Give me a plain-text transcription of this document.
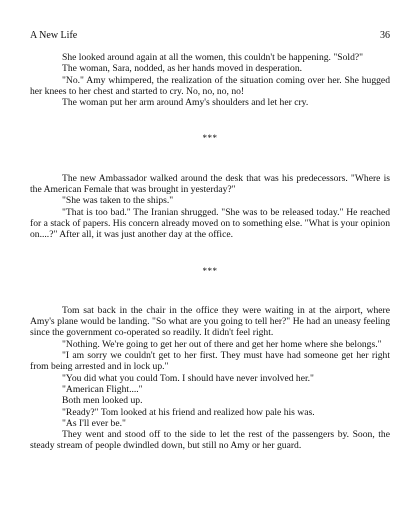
A New Life	36

She looked around again at all the women, this couldn't be happening. "Sold?"

The woman, Sara, nodded, as her hands moved in desperation.

"No." Amy whimpered, the realization of the situation coming over her. She hugged her knees to her chest and started to cry. No, no, no, no!

The woman put her arm around Amy's shoulders and let her cry.

***

The new Ambassador walked around the desk that was his predecessors. "Where is the American Female that was brought in yesterday?"

"She was taken to the ships."

"That is too bad." The Iranian shrugged. "She was to be released today." He reached for a stack of papers. His concern already moved on to something else. "What is your opinion on....?" After all, it was just another day at the office.

***

Tom sat back in the chair in the office they were waiting in at the airport, where Amy's plane would be landing. "So what are you going to tell her?" He had an uneasy feeling since the government co-operated so readily. It didn't feel right.

"Nothing. We're going to get her out of there and get her home where she belongs."

"I am sorry we couldn't get to her first. They must have had someone get her right from being arrested and in lock up."

"You did what you could Tom. I should have never involved her."

"American Flight...."

Both men looked up.

"Ready?" Tom looked at his friend and realized how pale his was.

"As I'll ever be."

They went and stood off to the side to let the rest of the passengers by. Soon, the steady stream of people dwindled down, but still no Amy or her guard.
